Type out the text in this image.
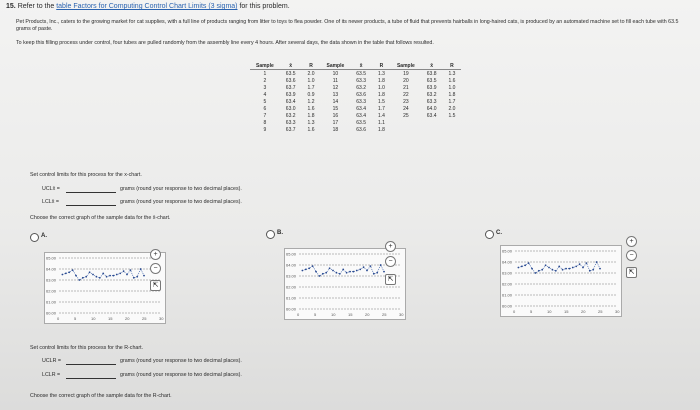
15. Refer to the table Factors for Computing Control Chart Limits (3 sigma) for this problem.
Pet Products, Inc., caters to the growing market for cat supplies, with a full line of products ranging from litter to toys to flea powder. One of its newer products, a tube of fluid that prevents hairballs in long-haired cats, is produced by an automated machine set to fill each tube with 63.5 grams of paste.
To keep this filling process under control, four tubes are pulled randomly from the assembly line every 4 hours. After several days, the data shown in the table that follows resulted.
Sample	x̄	R	Sample	x̄	R	Sample	x̄	R
1	63.5	2.0	10	63.5	1.3	19	63.8	1.3
2	63.6	1.0	11	63.3	1.8	20	63.5	1.6
3	63.7	1.7	12	63.2	1.0	21	63.9	1.0
4	63.9	0.9	13	63.6	1.8	22	63.2	1.8
5	63.4	1.2	14	63.3	1.5	23	63.3	1.7
6	63.0	1.6	15	63.4	1.7	24	64.0	2.0
7	63.2	1.8	16	63.4	1.4	25	63.4	1.5
8	63.3	1.3	17	63.5	1.1			
9	63.7	1.6	18	63.6	1.8			
Set control limits for this process for the x-chart.
UCLx̄ =	grams (round your response to two decimal places).
LCLx̄ =	grams (round your response to two decimal places).
Choose the correct graph of the sample data for the x̄-chart.
A.
65.00
64.00
63.00
62.00
61.00
60.00
0	5	10	15	20	25	30
+
−
⇱
B.
65.00
64.00
63.00
62.00
61.00
60.00
0	5	10	15	20	25	30
+
−
⇱
C.
65.00
64.00
63.00
62.00
61.00
60.00
0	5	10	15	20	25	30
+
−
⇱
Set control limits for this process for the R-chart.
UCLR =	grams (round your response to two decimal places).
LCLR =	grams (round your response to two decimal places).
Choose the correct graph of the sample data for the R-chart.
